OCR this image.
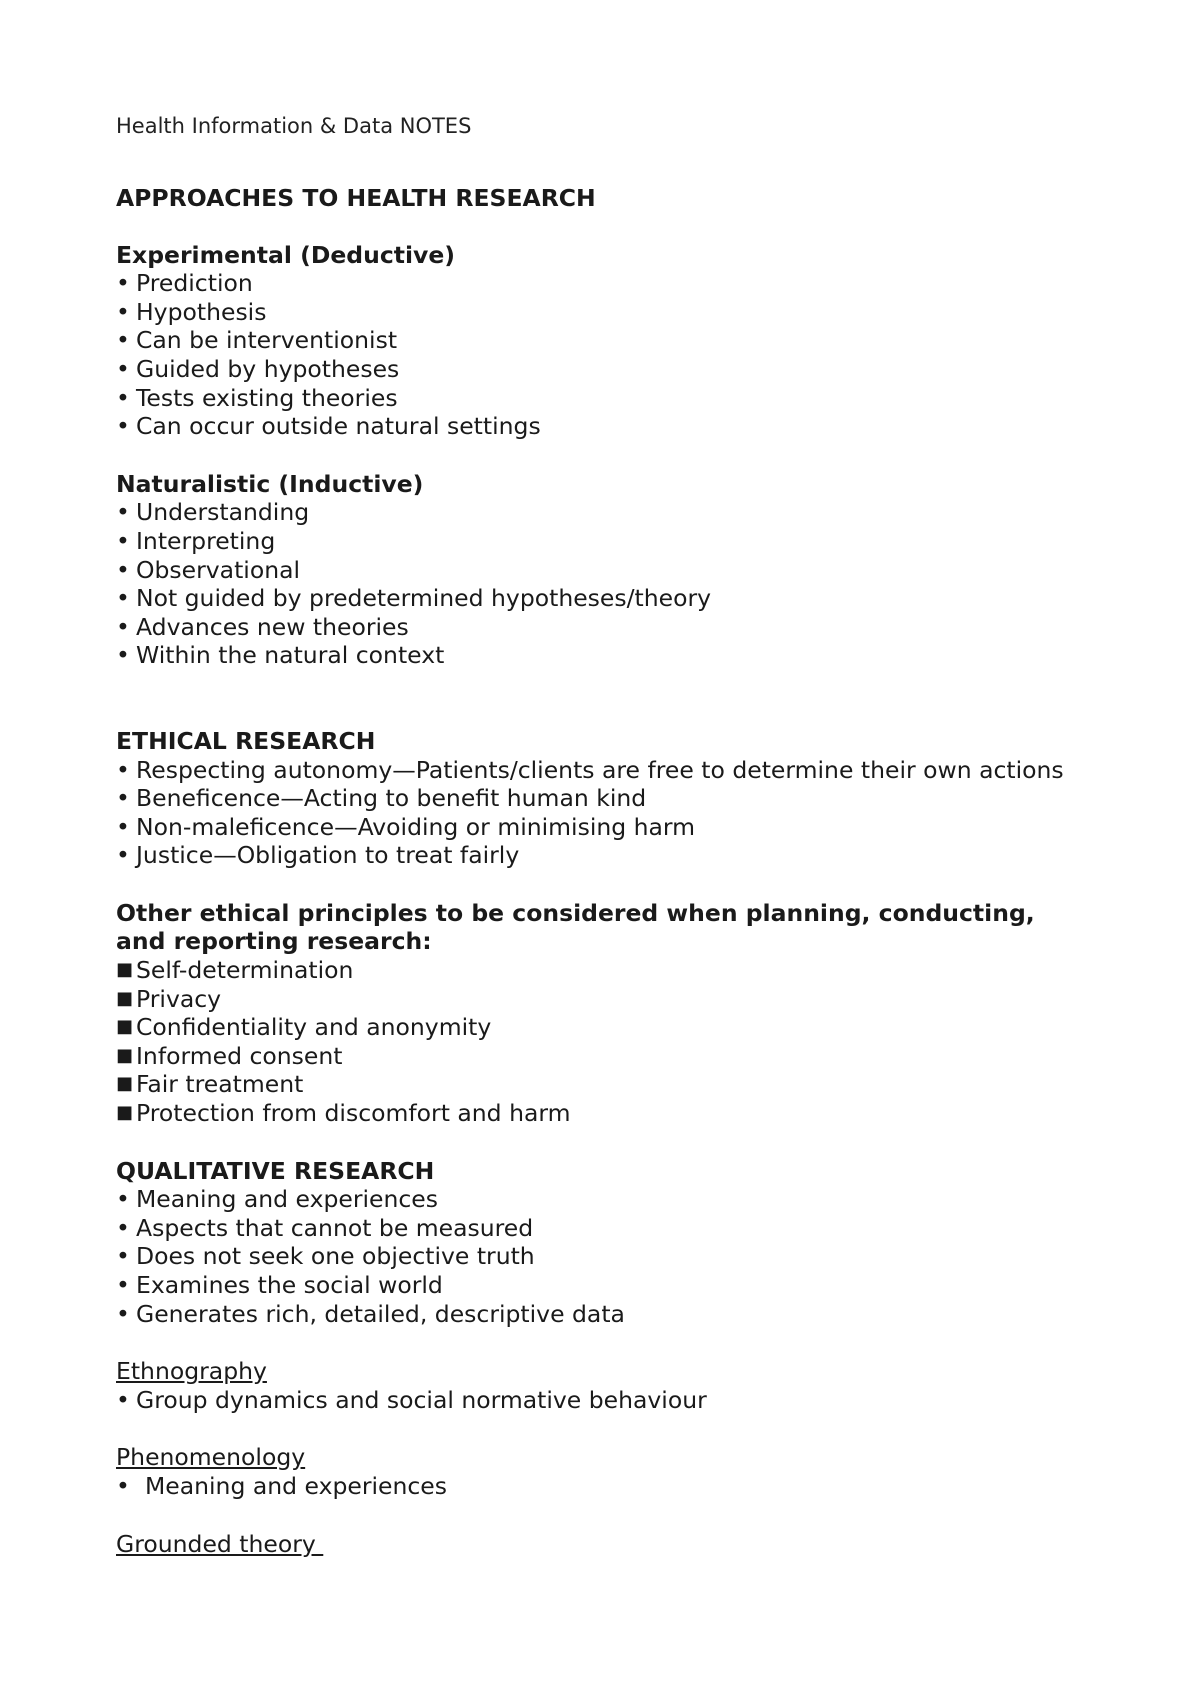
Health Information & Data NOTES

APPROACHES TO HEALTH RESEARCH

Experimental (Deductive)

• Prediction
• Hypothesis
• Can be interventionist
• Guided by hypotheses
• Tests existing theories
• Can occur outside natural settings

Naturalistic (Inductive)

• Understanding
• Interpreting
• Observational
• Not guided by predetermined hypotheses/theory
• Advances new theories
• Within the natural context

ETHICAL RESEARCH

• Respecting autonomy—Patients/clients are free to determine their own actions
• Beneficence—Acting to benefit human kind
• Non-maleficence—Avoiding or minimising harm
• Justice—Obligation to treat fairly

Other ethical principles to be considered when planning, conducting, and reporting research:

■ Self-determination
■ Privacy
■ Confidentiality and anonymity
■ Informed consent
■ Fair treatment
■ Protection from discomfort and harm

QUALITATIVE RESEARCH

• Meaning and experiences
• Aspects that cannot be measured
• Does not seek one objective truth
• Examines the social world
• Generates rich, detailed, descriptive data

Ethnography

• Group dynamics and social normative behaviour

Phenomenology

• Meaning and experiences

Grounded theory
